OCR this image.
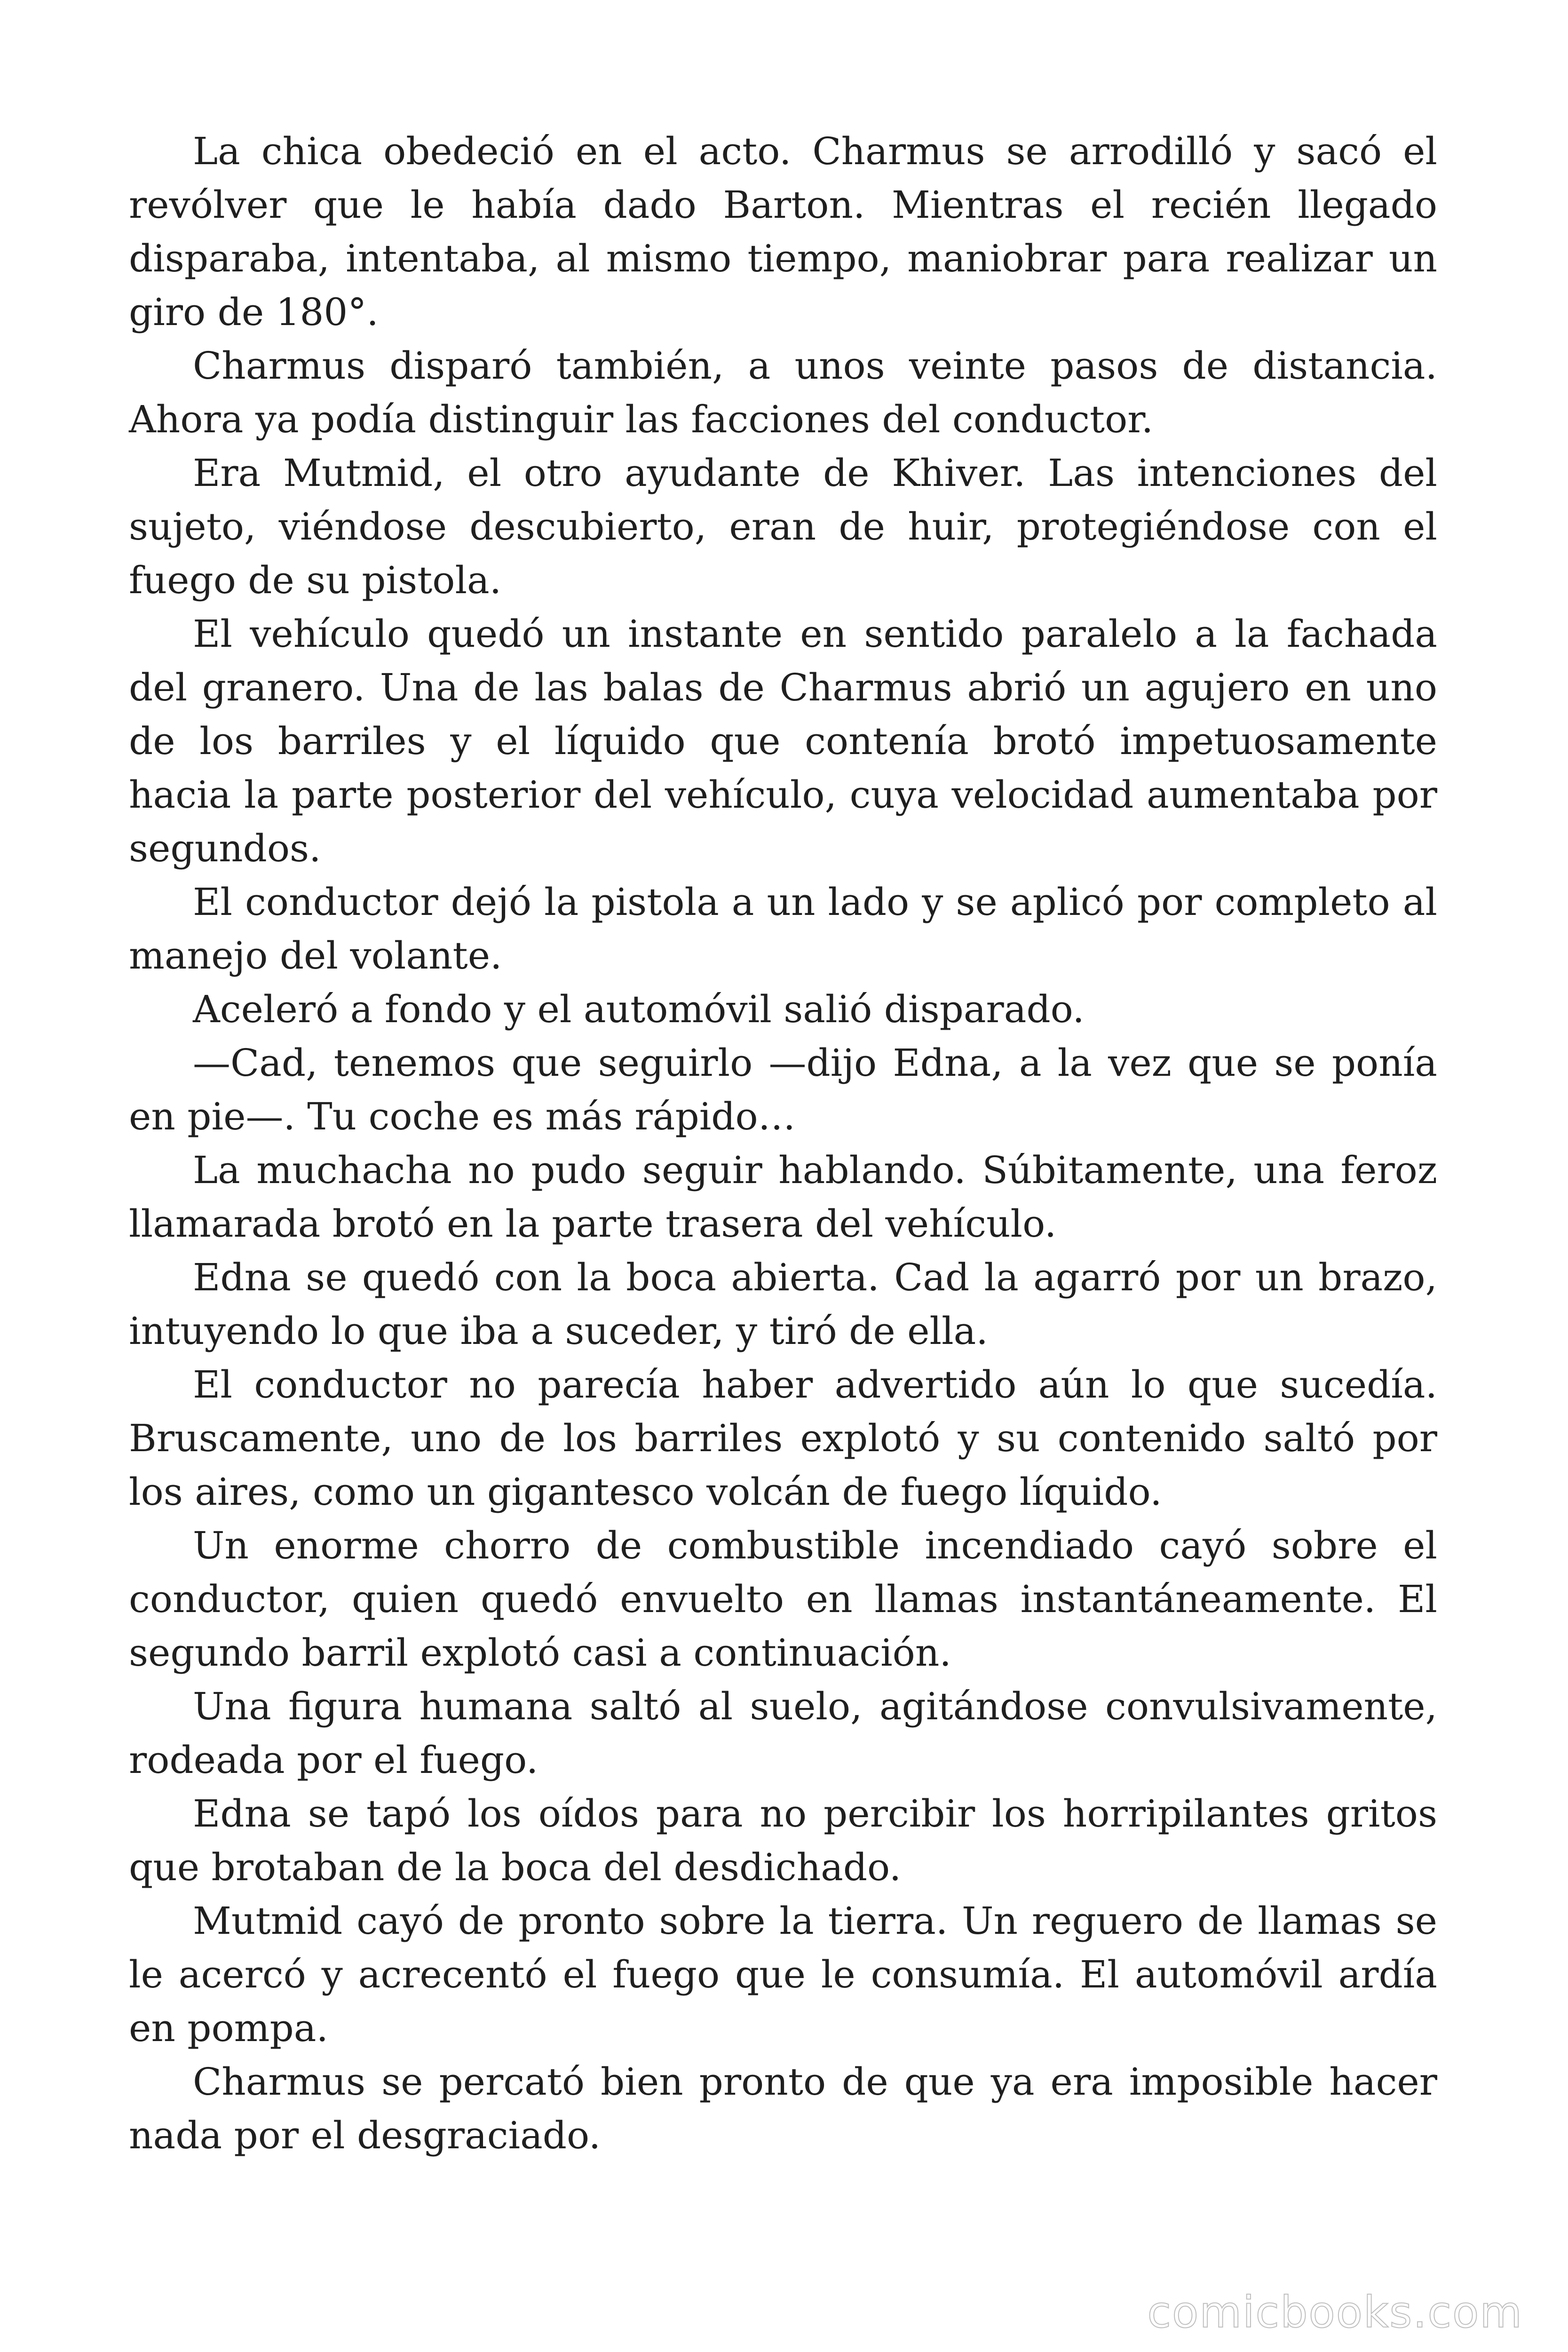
La chica obedeció en el acto. Charmus se arrodilló y sacó el revólver que le había dado Barton. Mientras el recién llegado disparaba, intentaba, al mismo tiempo, maniobrar para realizar un giro de 180°.

Charmus disparó también, a unos veinte pasos de distancia. Ahora ya podía distinguir las facciones del conductor.

Era Mutmid, el otro ayudante de Khiver. Las intenciones del sujeto, viéndose descubierto, eran de huir, protegiéndose con el fuego de su pistola.

El vehículo quedó un instante en sentido paralelo a la fachada del granero. Una de las balas de Charmus abrió un agujero en uno de los barriles y el líquido que contenía brotó impetuosamente hacia la parte posterior del vehículo, cuya velocidad aumentaba por segundos.

El conductor dejó la pistola a un lado y se aplicó por completo al manejo del volante.

Aceleró a fondo y el automóvil salió disparado.

—Cad, tenemos que seguirlo —dijo Edna, a la vez que se ponía en pie—. Tu coche es más rápido…

La muchacha no pudo seguir hablando. Súbitamente, una feroz llamarada brotó en la parte trasera del vehículo.

Edna se quedó con la boca abierta. Cad la agarró por un brazo, intuyendo lo que iba a suceder, y tiró de ella.

El conductor no parecía haber advertido aún lo que sucedía. Bruscamente, uno de los barriles explotó y su contenido saltó por los aires, como un gigantesco volcán de fuego líquido.

Un enorme chorro de combustible incendiado cayó sobre el conductor, quien quedó envuelto en llamas instantáneamente. El segundo barril explotó casi a continuación.

Una figura humana saltó al suelo, agitándose convulsivamente, rodeada por el fuego.

Edna se tapó los oídos para no percibir los horripilantes gritos que brotaban de la boca del desdichado.

Mutmid cayó de pronto sobre la tierra. Un reguero de llamas se le acercó y acrecentó el fuego que le consumía. El automóvil ardía en pompa.

Charmus se percató bien pronto de que ya era imposible hacer nada por el desgraciado.

comicbooks.com
